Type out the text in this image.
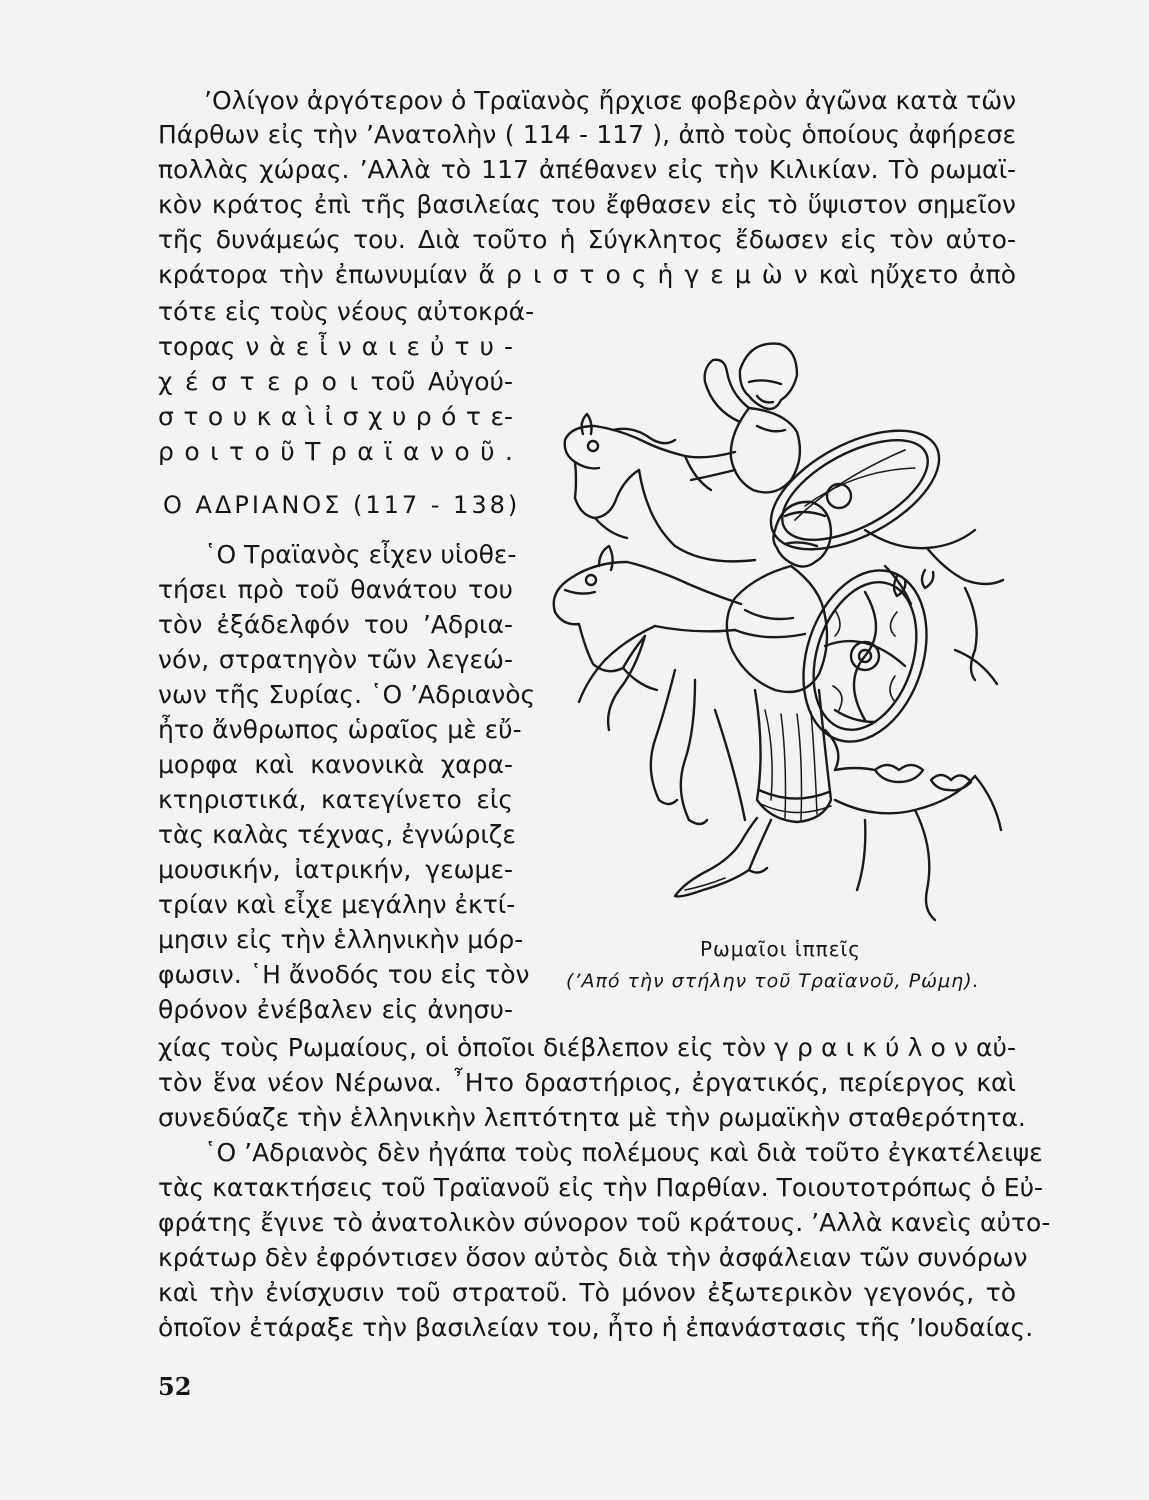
’Ολίγον ἀργότερον ὁ Τραϊανὸς ἤρχισε φοβερὸν ἀγῶνα κατὰ τῶν
Πάρθων εἰς τὴν ’Ανατολὴν ( 114 - 117 ), ἀπὸ τοὺς ὁποίους ἀφήρεσε
πολλὰς χώρας. ’Αλλὰ τὸ 117 ἀπέθανεν εἰς τὴν Κιλικίαν. Τὸ ρωμαϊ-
κὸν κράτος ἐπὶ τῆς βασιλείας του ἔφθασεν εἰς τὸ ὕψιστον σημεῖον
τῆς δυνάμεώς του. Διὰ τοῦτο ἡ Σύγκλητος ἔδωσεν εἰς τὸν αὐτο-
κράτορα τὴν ἐπωνυμίαν ἄ ρ ι σ τ ο ς ἡ γ ε μ ὼ ν καὶ ηὔχετο ἀπὸ
τότε εἰς τοὺς νέους αὐτοκρά-
τορας ν ὰ ε ἶ ν α ι ε ὐ τ υ -
χ έ σ τ ε ρ ο ι τοῦ Αὐγού-
σ τ ο υ κ α ὶ ἰ σ χ υ ρ ό τ ε-
ρ ο ι τ ο ῦ Τ ρ α ϊ α ν ο ῦ .
Ο ΑΔΡΙΑΝΟΣ (117 - 138)
῾Ο Τραϊανὸς εἶχεν υἱοθε-
τήσει πρὸ τοῦ θανάτου του
τὸν ἐξάδελφόν του ’Αδρια-
νόν, στρατηγὸν τῶν λεγεώ-
νων τῆς Συρίας. ῾Ο ’Αδριανὸς
ἦτο ἄνθρωπος ὡραῖος μὲ εὔ-
μορφα καὶ κανονικὰ χαρα-
κτηριστικά, κατεγίνετο εἰς
τὰς καλὰς τέχνας, ἐγνώριζε
μουσικήν, ἰατρικήν, γεωμε-
τρίαν καὶ εἶχε μεγάλην ἐκτί-
μησιν εἰς τὴν ἑλληνικὴν μόρ-
φωσιν. ῾Η ἄνοδός του εἰς τὸν
θρόνον ἐνέβαλεν εἰς ἀνησυ-
χίας τοὺς Ρωμαίους, οἱ ὁποῖοι διέβλεπον εἰς τὸν γ ρ α ι κ ύ λ ο ν αὐ-
τὸν ἕνα νέον Νέρωνα. ῏Ητο δραστήριος, ἐργατικός, περίεργος καὶ
συνεδύαζε τὴν ἑλληνικὴν λεπτότητα μὲ τὴν ρωμαϊκὴν σταθερότητα.
῾Ο ’Αδριανὸς δὲν ἠγάπα τοὺς πολέμους καὶ διὰ τοῦτο ἐγκατέλειψε
τὰς κατακτήσεις τοῦ Τραϊανοῦ εἰς τὴν Παρθίαν. Τοιουτοτρόπως ὁ Εὐ-
φράτης ἔγινε τὸ ἀνατολικὸν σύνορον τοῦ κράτους. ’Αλλὰ κανεὶς αὐτο-
κράτωρ δὲν ἐφρόντισεν ὅσον αὐτὸς διὰ τὴν ἀσφάλειαν τῶν συνόρων
καὶ τὴν ἐνίσχυσιν τοῦ στρατοῦ. Τὸ μόνον ἐξωτερικὸν γεγονός, τὸ
ὁποῖον ἐτάραξε τὴν βασιλείαν του, ἦτο ἡ ἐπανάστασις τῆς ’Ιουδαίας.
Ρωμαῖοι ἱππεῖς
(’Από τὴν στήλην τοῦ Τραϊανοῦ, Ρώμη).
52
